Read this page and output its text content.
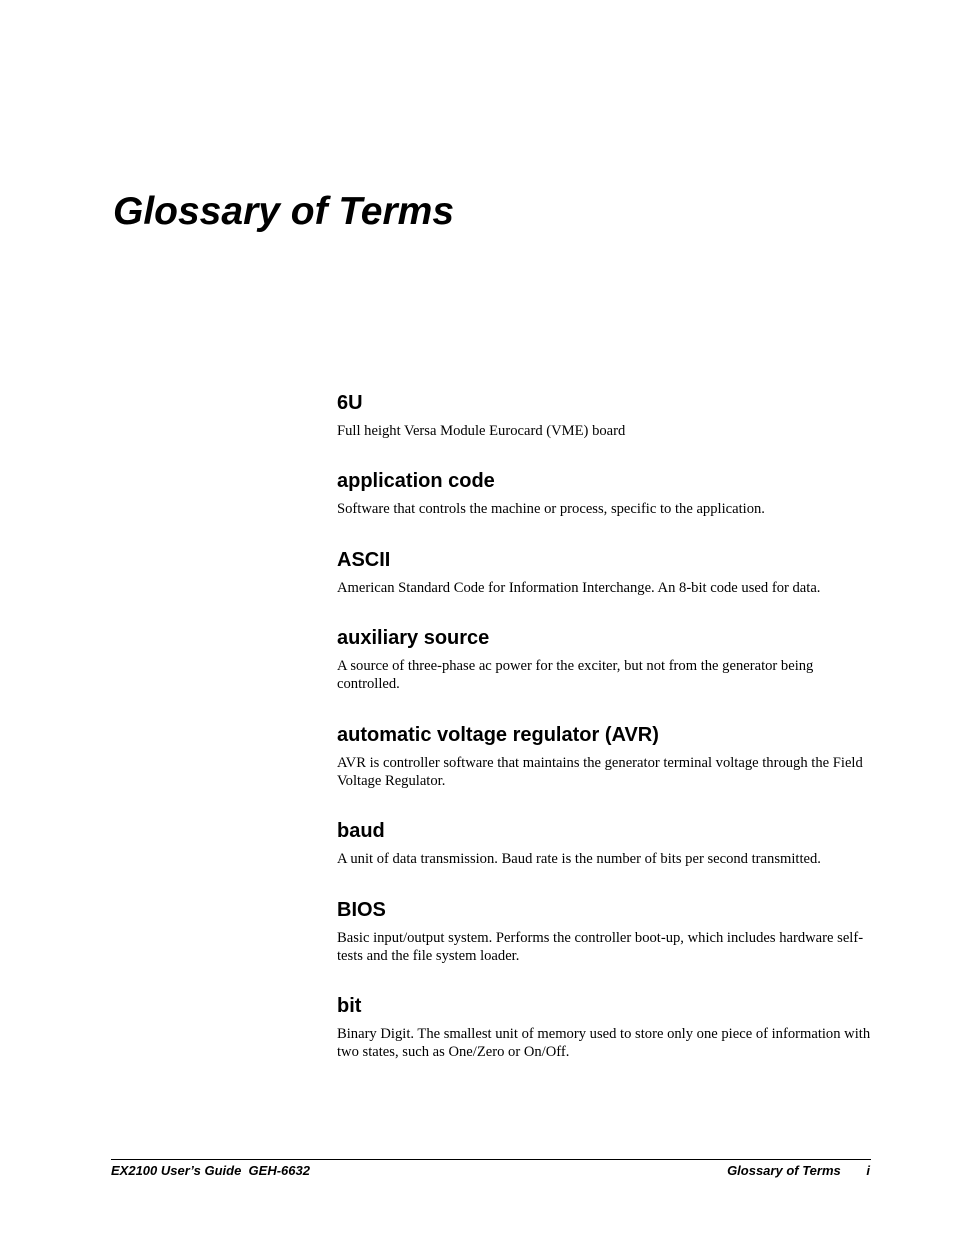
Glossary of Terms
6U

Full height Versa Module Eurocard (VME) board

application code

Software that controls the machine or process, specific to the application.

ASCII

American Standard Code for Information Interchange. An 8-bit code used for data.

auxiliary source

A source of three-phase ac power for the exciter, but not from the generator being controlled.

automatic voltage regulator (AVR)

AVR is controller software that maintains the generator terminal voltage through the Field Voltage Regulator.

baud

A unit of data transmission. Baud rate is the number of bits per second transmitted.

BIOS

Basic input/output system. Performs the controller boot-up, which includes hardware self-tests and the file system loader.

bit

Binary Digit. The smallest unit of memory used to store only one piece of information with two states, such as One/Zero or On/Off.

EX2100 User’s Guide  GEH-6632	Glossary of Terms i
